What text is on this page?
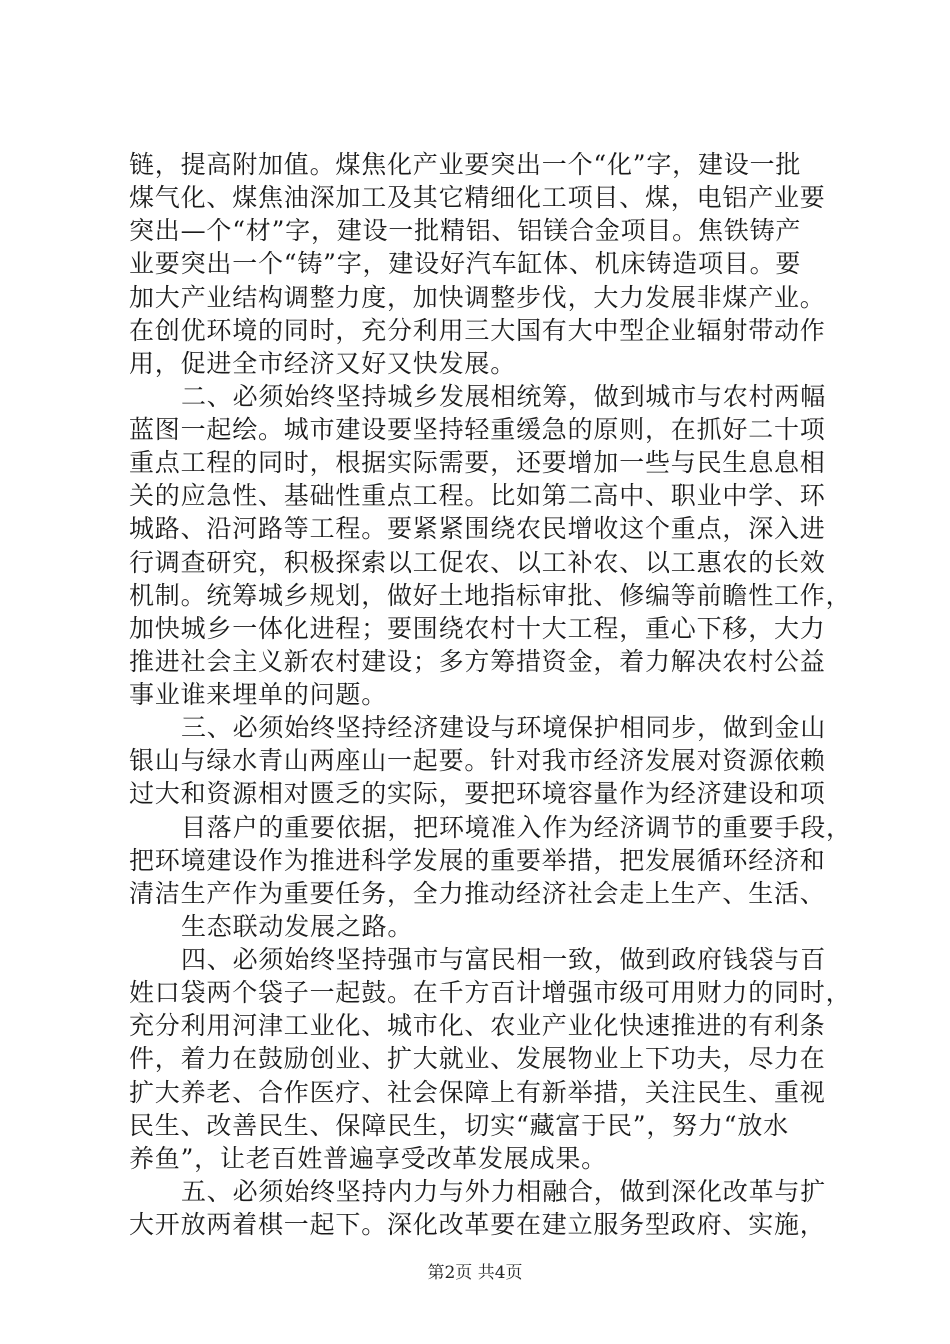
链，提高附加值。煤焦化产业要突出一个“化”字，建设一批
煤气化、煤焦油深加工及其它精细化工项目、煤，电铝产业要
突出—个“材”字，建设一批精铝、铝镁合金项目。焦铁铸产
业要突出一个“铸”字，建设好汽车缸体、机床铸造项目。要
加大产业结构调整力度，加快调整步伐，大力发展非煤产业。
在创优环境的同时，充分利用三大国有大中型企业辐射带动作
用，促进全市经济又好又快发展。
二、必须始终坚持城乡发展相统筹，做到城市与农村两幅
蓝图一起绘。城市建设要坚持轻重缓急的原则，在抓好二十项
重点工程的同时，根据实际需要，还要增加一些与民生息息相
关的应急性、基础性重点工程。比如第二高中、职业中学、环
城路、沿河路等工程。要紧紧围绕农民增收这个重点，深入进
行调查研究，积极探索以工促农、以工补农、以工惠农的长效
机制。统筹城乡规划，做好土地指标审批、修编等前瞻性工作，
加快城乡一体化进程；要围绕农村十大工程，重心下移，大力
推进社会主义新农村建设；多方筹措资金，着力解决农村公益
事业谁来埋单的问题。
三、必须始终坚持经济建设与环境保护相同步，做到金山
银山与绿水青山两座山一起要。针对我市经济发展对资源依赖
过大和资源相对匮乏的实际，要把环境容量作为经济建设和项
目落户的重要依据，把环境准入作为经济调节的重要手段，
把环境建设作为推进科学发展的重要举措，把发展循环经济和
清洁生产作为重要任务，全力推动经济社会走上生产、生活、
生态联动发展之路。
四、必须始终坚持强市与富民相一致，做到政府钱袋与百
姓口袋两个袋子一起鼓。在千方百计增强市级可用财力的同时，
充分利用河津工业化、城市化、农业产业化快速推进的有利条
件，着力在鼓励创业、扩大就业、发展物业上下功夫，尽力在
扩大养老、合作医疗、社会保障上有新举措，关注民生、重视
民生、改善民生、保障民生，切实“藏富于民”，努力“放水
养鱼”，让老百姓普遍享受改革发展成果。
五、必须始终坚持内力与外力相融合，做到深化改革与扩
大开放两着棋一起下。深化改革要在建立服务型政府、实施，
第2页 共4页
